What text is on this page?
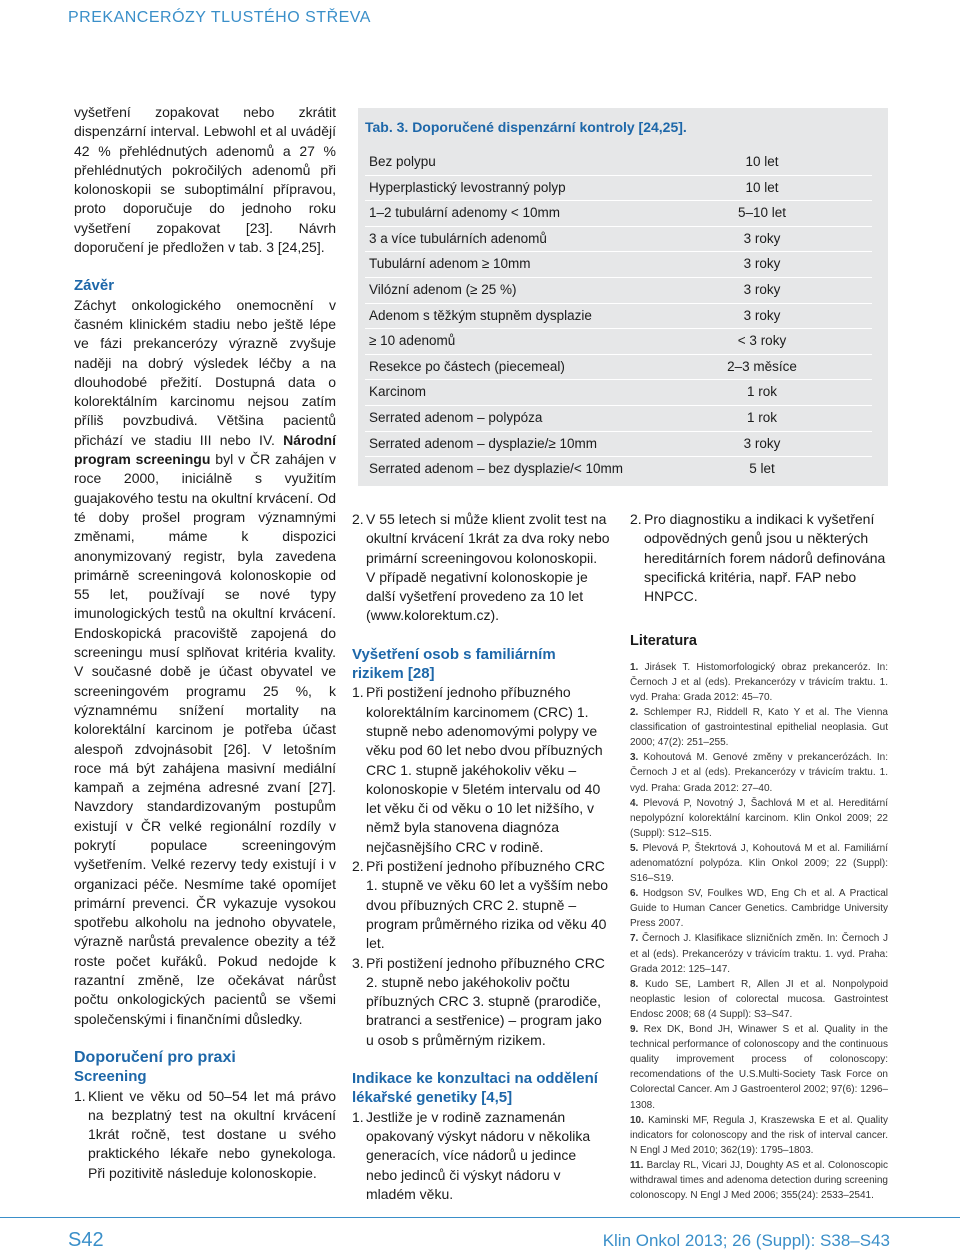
PREKANCERÓZY TLUSTÉHO STŘEVA

vyšetření zopakovat nebo zkrátit dispenzární interval. Lebwohl et al uvádějí 42 % přehlédnutých adenomů a 27 % přehlédnutých pokročilých adenomů při kolonoskopii se suboptimální přípravou, proto doporučuje do jednoho roku vyšetření zopakovat [23]. Návrh doporučení je předložen v tab. 3 [24,25].

Závěr

Záchyt onkologického onemocnění v časném klinickém stadiu nebo ještě lépe ve fázi prekancerózy výrazně zvyšuje naději na dobrý výsledek léčby a na dlouhodobé přežití. Dostupná data o kolorektálním karcinomu nejsou zatím příliš povzbudivá. Většina pacientů přichází ve stadiu III nebo IV. Národní program screeningu byl v ČR zahájen v roce 2000, iniciálně s využitím guajakového testu na okultní krvácení. Od té doby prošel program významnými změnami, máme k dispozici anonymizovaný registr, byla zavedena primárně screeningová kolonoskopie od 55 let, používají se nové typy imunologických testů na okultní krvácení. Endoskopická pracoviště zapojená do screeningu musí splňovat kritéria kvality. V současné době je účast obyvatel ve screeningovém programu 25 %, k významnému snížení mortality na kolorektální karcinom je potřeba účast alespoň zdvojnásobit [26]. V letošním roce má být zahájena masivní mediální kampaň a zejména adresné zvaní [27]. Navzdory standardizovaným postupům existují v ČR velké regionální rozdíly v pokrytí populace screeningovým vyšetřením. Velké rezervy tedy existují i v organizaci péče. Nesmíme také opomíjet primární prevenci. ČR vykazuje vysokou spotřebu alkoholu na jednoho obyvatele, výrazně narůstá prevalence obezity a též roste počet kuřáků. Pokud nedojde k razantní změně, lze očekávat nárůst počtu onkologických pacientů se všemi společenskými i finančními důsledky.

Doporučení pro praxi

Screening

1. Klient ve věku od 50–54 let má právo na bezplatný test na okultní krvácení 1krát ročně, test dostane u svého praktického lékaře nebo gynekologa. Při pozitivitě následuje kolonoskopie.
Tab. 3. Doporučené dispenzární kontroly [24,25].
Bez polypu	10 let
Hyperplastický levostranný polyp	10 let
1–2 tubulární adenomy < 10mm	5–10 let
3 a více tubulárních adenomů	3 roky
Tubulární adenom ≥ 10mm	3 roky
Vilózní adenom (≥ 25 %)	3 roky
Adenom s těžkým stupněm dysplazie	3 roky
≥ 10 adenomů	< 3 roky
Resekce po částech (piecemeal)	2–3 měsíce
Karcinom	1 rok
Serrated adenom – polypóza	1 rok
Serrated adenom – dysplazie/≥ 10mm	3 roky
Serrated adenom – bez dysplazie/< 10mm	5 let
2. V 55 letech si může klient zvolit test na okultní krvácení 1krát za dva roky nebo primární screeningovou kolonoskopii. V případě negativní kolonoskopie je další vyšetření provedeno za 10 let (www.kolorektum.cz).

Vyšetření osob s familiárním rizikem [28]

1. Při postižení jednoho příbuzného kolorektálním karcinomem (CRC) 1. stupně nebo adenomovými polypy ve věku pod 60 let nebo dvou příbuzných CRC 1. stupně jakéhokoliv věku – kolonoskopie v 5letém intervalu od 40 let věku či od věku o 10 let nižšího, v němž byla stanovena diagnóza nejčasnějšího CRC v rodině.
2. Při postižení jednoho příbuzného CRC 1. stupně ve věku 60 let a vyšším nebo dvou příbuzných CRC 2. stupně – program průměrného rizika od věku 40 let.
3. Při postižení jednoho příbuzného CRC 2. stupně nebo jakéhokoliv počtu příbuzných CRC 3. stupně (prarodiče, bratranci a sestřenice) – program jako u osob s průměrným rizikem.

Indikace ke konzultaci na oddělení lékařské genetiky [4,5]

1. Jestliže je v rodině zaznamenán opakovaný výskyt nádoru v několika generacích, více nádorů u jedince nebo jedinců či výskyt nádoru v mladém věku.
2. Pro diagnostiku a indikaci k vyšetření odpovědných genů jsou u některých hereditárních forem nádorů definována specifická kritéria, např. FAP nebo HNPCC.

Literatura

1. Jirásek T. Histomorfologický obraz prekanceróz. In: Černoch J et al (eds). Prekancerózy v trávicím traktu. 1. vyd. Praha: Grada 2012: 45–70.
2. Schlemper RJ, Riddell R, Kato Y et al. The Vienna classification of gastrointestinal epithelial neoplasia. Gut 2000; 47(2): 251–255.
3. Kohoutová M. Genové změny v prekancerózách. In: Černoch J et al (eds). Prekancerózy v trávicím traktu. 1. vyd. Praha: Grada 2012: 27–40.
4. Plevová P, Novotný J, Šachlová M et al. Hereditární nepolypózní kolorektální karcinom. Klin Onkol 2009; 22 (Suppl): S12–S15.
5. Plevová P, Štekrtová J, Kohoutová M et al. Familiární adenomatózní polypóza. Klin Onkol 2009; 22 (Suppl): S16–S19.
6. Hodgson SV, Foulkes WD, Eng Ch et al. A Practical Guide to Human Cancer Genetics. Cambridge University Press 2007.
7. Černoch J. Klasifikace slizničních změn. In: Černoch J et al (eds). Prekancerózy v trávicím traktu. 1. vyd. Praha: Grada 2012: 125–147.
8. Kudo SE, Lambert R, Allen JI et al. Nonpolypoid neoplastic lesion of colorectal mucosa. Gastrointest Endosc 2008; 68 (4 Suppl): S3–S47.
9. Rex DK, Bond JH, Winawer S et al. Quality in the technical performance of colonoscopy and the continuous quality improvement process of colonoscopy: recomendations of the U.S.Multi-Society Task Force on Colorectal Cancer. Am J Gastroenterol 2002; 97(6): 1296–1308.
10. Kaminski MF, Regula J, Kraszewska E et al. Quality indicators for colonoscopy and the risk of interval cancer. N Engl J Med 2010; 362(19): 1795–1803.
11. Barclay RL, Vicari JJ, Doughty AS et al. Colonoscopic withdrawal times and adenoma detection during screening colonoscopy. N Engl J Med 2006; 355(24): 2533–2541.
S42	Klin Onkol 2013; 26 (Suppl): S38–S43
